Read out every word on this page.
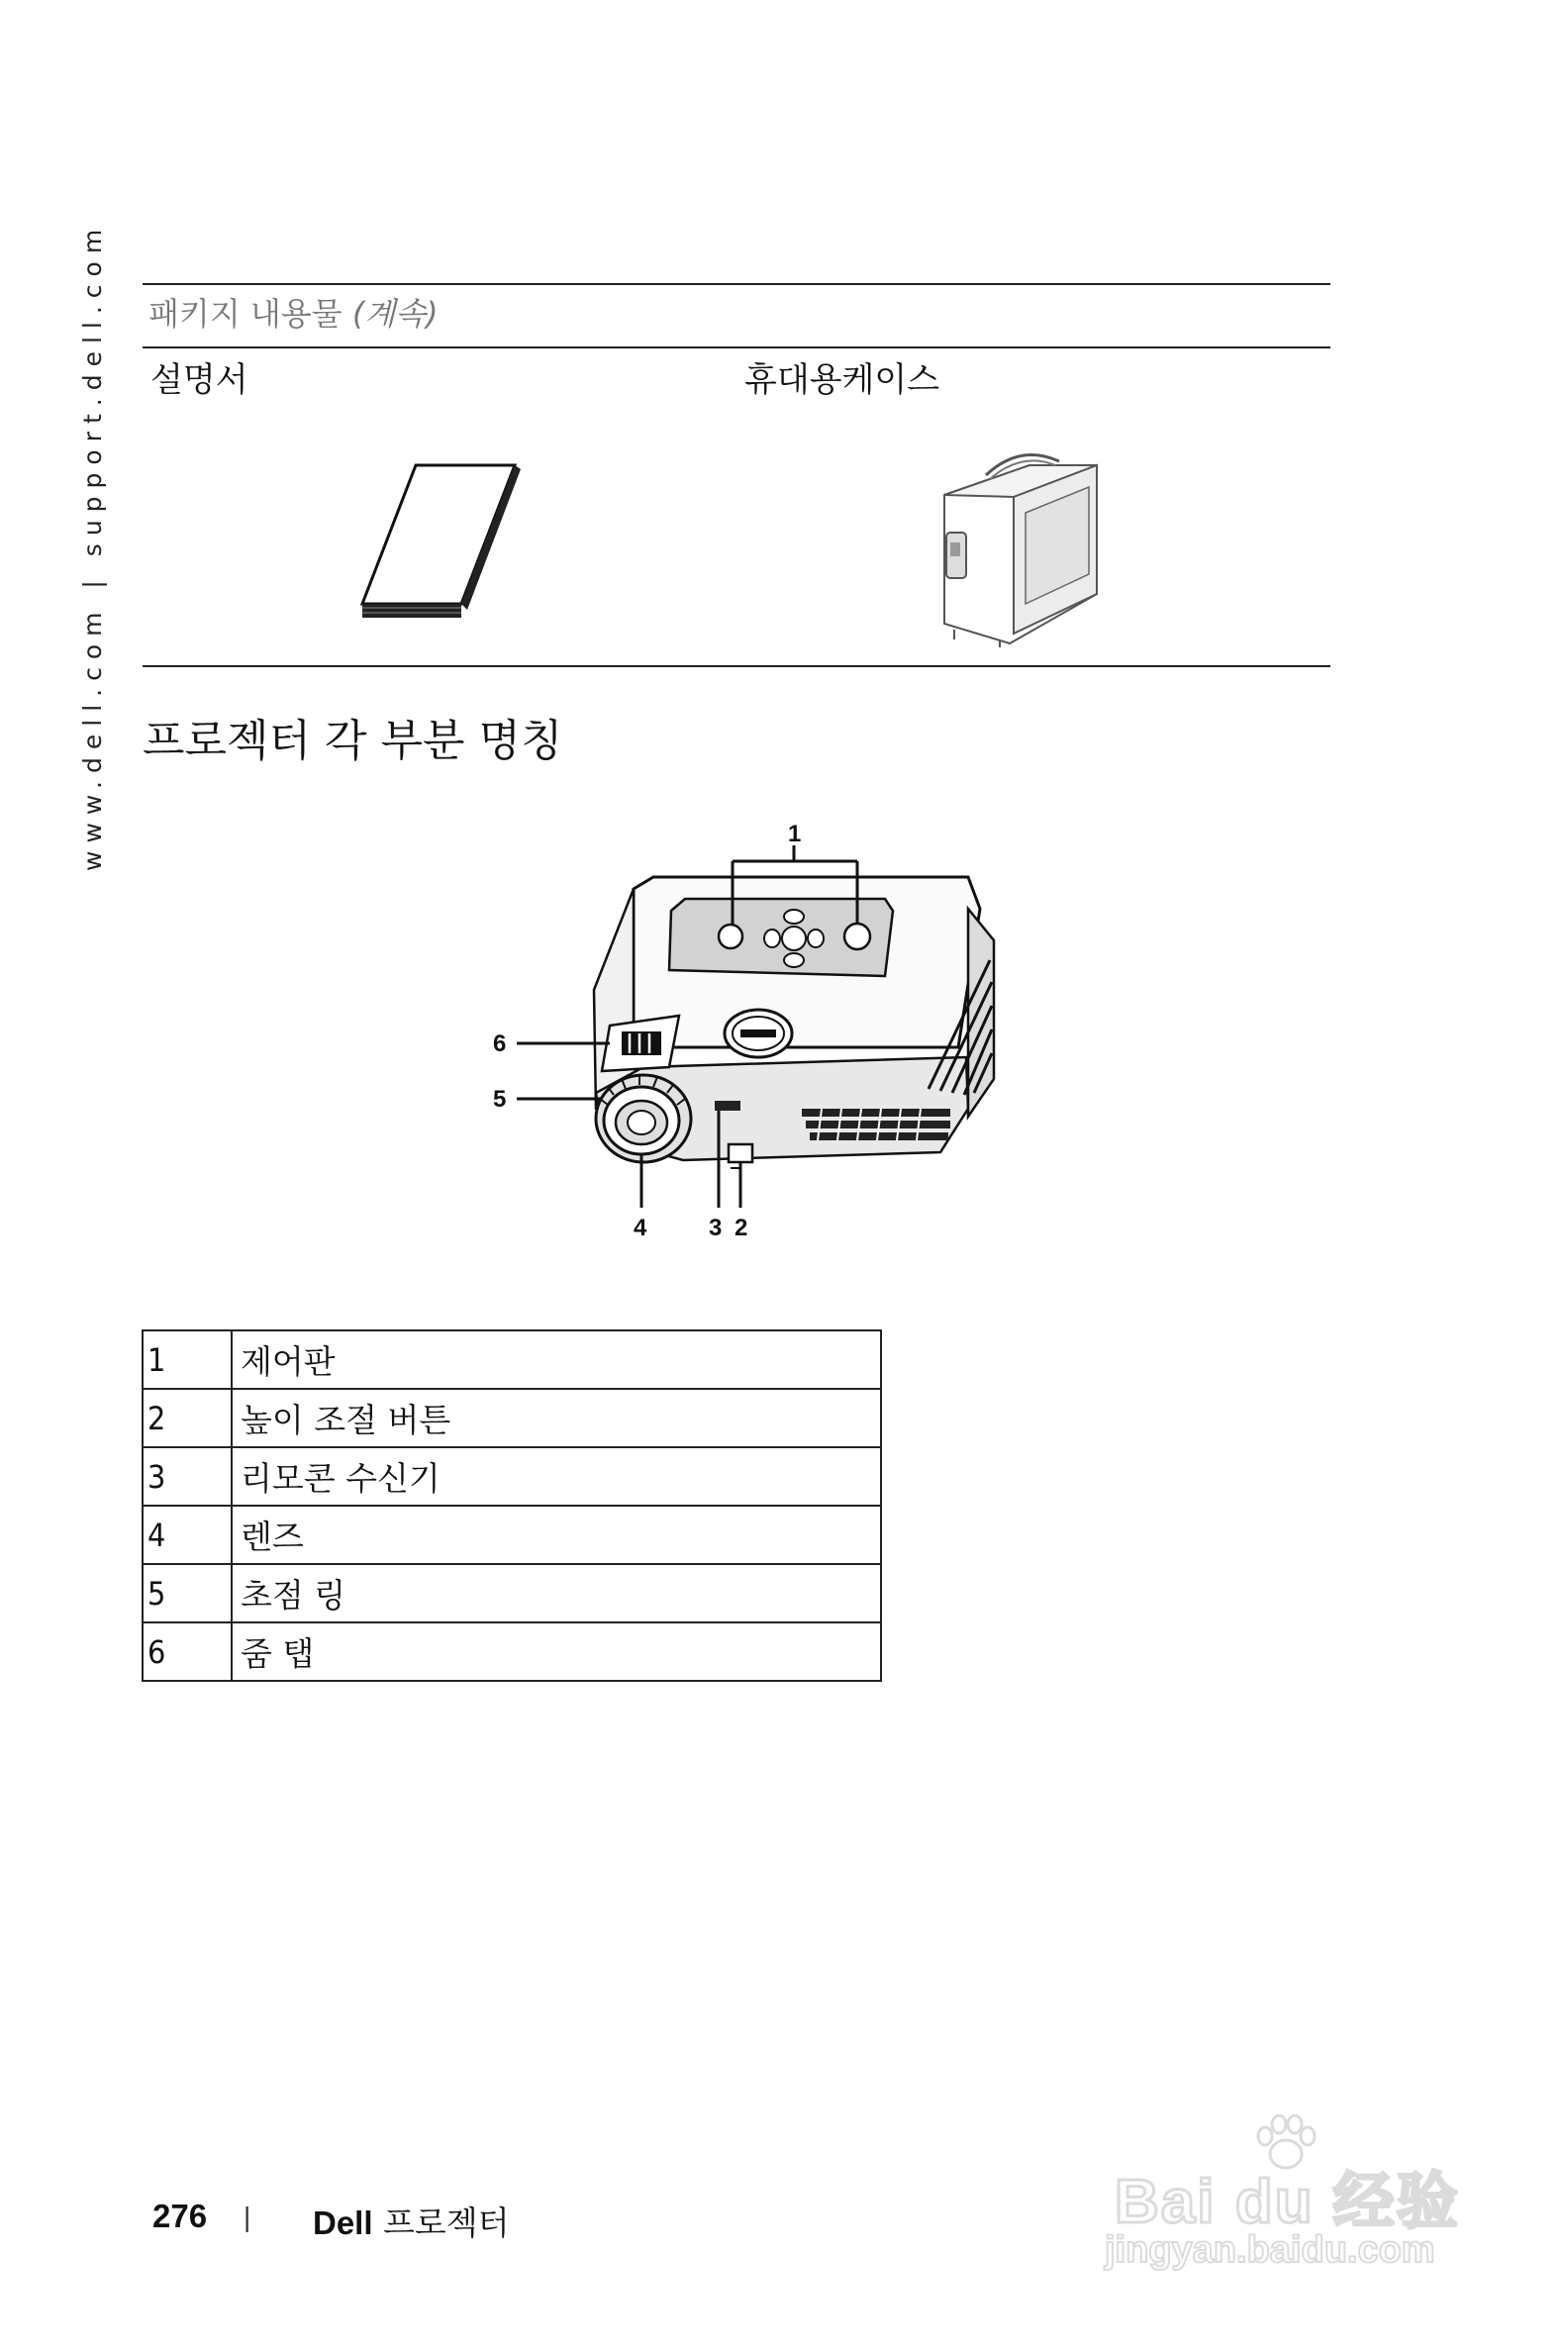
www.dell.com | support.dell.com 패키지 내용물 (계속)
설명서	휴대용케이스
프로젝터 각 부분 명칭
1
6
5
4	3 2
1	제어판
2	높이 조절 버튼
3	리모콘 수신기
4	렌즈
5	초점 링
6	줌 탭
276 | Dell 프로젝터	Bai du 经验
jingyan.baidu.com
